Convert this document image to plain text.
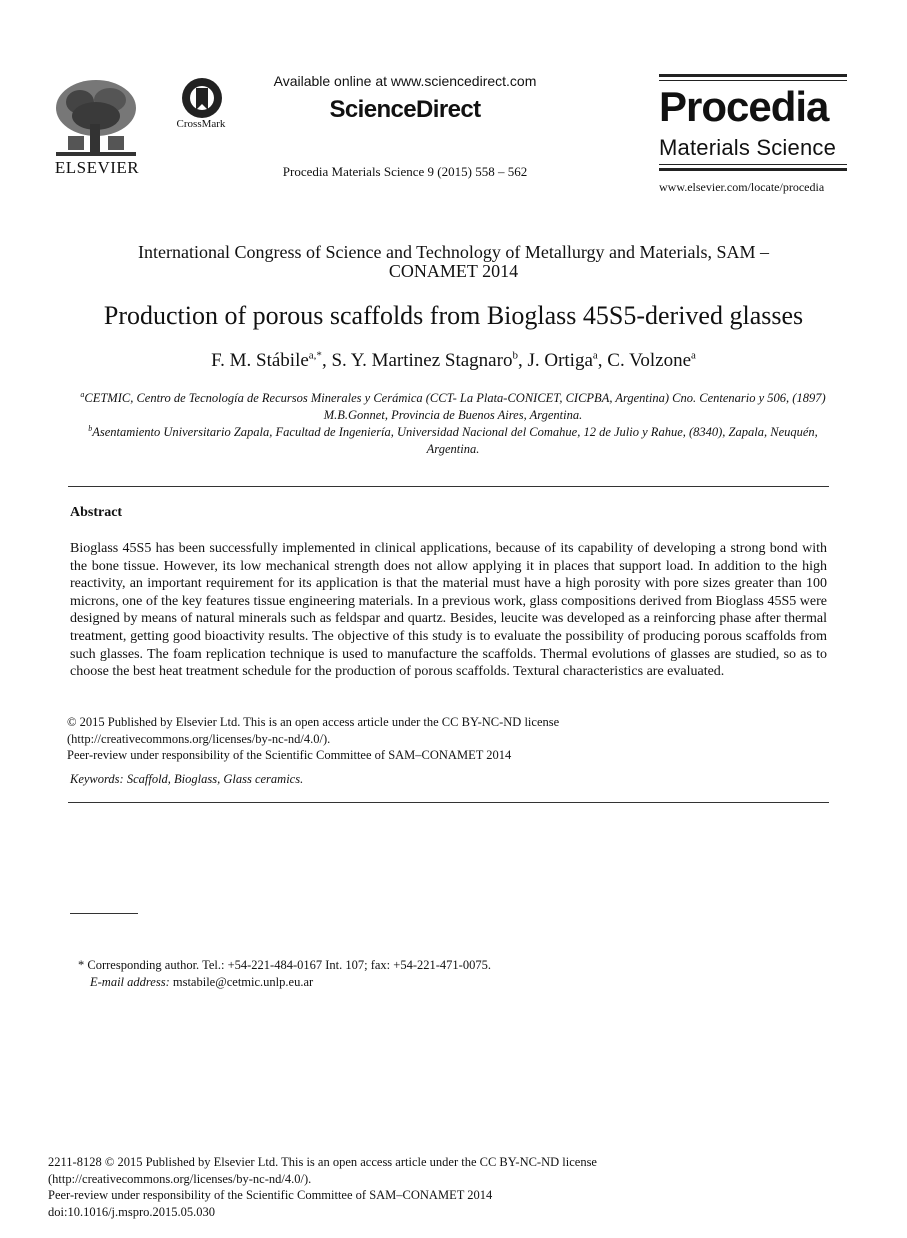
ELSEVIER
CrossMark
Available online at www.sciencedirect.com
ScienceDirect
Procedia Materials Science 9 (2015) 558 – 562
Procedia
Materials Science
www.elsevier.com/locate/procedia
International Congress of Science and Technology of Metallurgy and Materials, SAM – CONAMET 2014
Production of porous scaffolds from Bioglass 45S5-derived glasses
F. M. Stábile$^{a,*}$, S. Y. Martinez Stagnaro$^b$, J. Ortiga$^a$, C. Volzone$^a$
$^a$CETMIC, Centro de Tecnología de Recursos Minerales y Cerámica (CCT- La Plata-CONICET, CICPBA, Argentina) Cno. Centenario y 506, (1897) M.B.Gonnet, Provincia de Buenos Aires, Argentina.
$^b$Asentamiento Universitario Zapala, Facultad de Ingeniería, Universidad Nacional del Comahue, 12 de Julio y Rahue, (8340), Zapala, Neuquén, Argentina.
Abstract
Bioglass 45S5 has been successfully implemented in clinical applications, because of its capability of developing a strong bond with the bone tissue. However, its low mechanical strength does not allow applying it in places that support load. In addition to the high reactivity, an important requirement for its application is that the material must have a high porosity with pore sizes greater than 100 microns, one of the key features tissue engineering materials. In a previous work, glass compositions derived from Bioglass 45S5 were designed by means of natural minerals such as feldspar and quartz. Besides, leucite was developed as a reinforcing phase after thermal treatment, getting good bioactivity results. The objective of this study is to evaluate the possibility of producing porous scaffolds from such glasses. The foam replication technique is used to manufacture the scaffolds. Thermal evolutions of glasses are studied, so as to choose the best heat treatment schedule for the production of porous scaffolds. Textural characteristics are evaluated.
© 2015 Published by Elsevier Ltd. This is an open access article under the CC BY-NC-ND license
(http://creativecommons.org/licenses/by-nc-nd/4.0/).
Peer-review under responsibility of the Scientific Committee of SAM–CONAMET 2014
Keywords: Scaffold, Bioglass, Glass ceramics.
* Corresponding author. Tel.: +54-221-484-0167 Int. 107; fax: +54-221-471-0075.
E-mail address: mstabile@cetmic.unlp.eu.ar
2211-8128 © 2015 Published by Elsevier Ltd. This is an open access article under the CC BY-NC-ND license
(http://creativecommons.org/licenses/by-nc-nd/4.0/).
Peer-review under responsibility of the Scientific Committee of SAM–CONAMET 2014
doi:10.1016/j.mspro.2015.05.030
